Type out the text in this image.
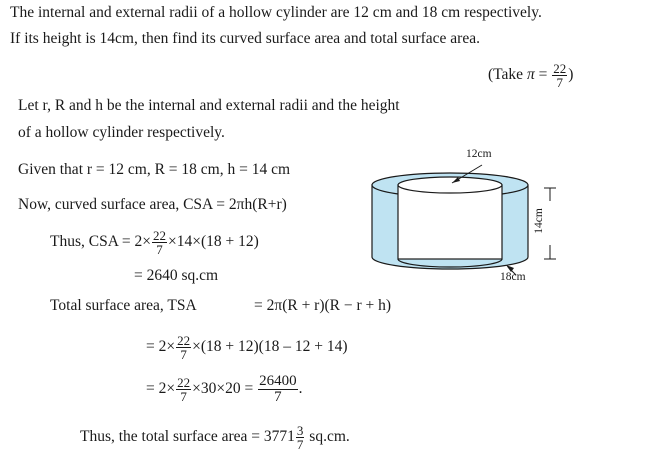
The internal and external radii of a hollow cylinder are 12 cm and 18 cm respectively.
If its height is 14cm, then find its curved surface area and total surface area.
(Take $\pi = \frac{22}{7}$ )
Let r, R and h be the internal and external radii and the height
of a hollow cylinder respectively.
Given that r = 12 cm, R = 18 cm, h = 14 cm
Now, curved surface area, CSA = 2πh(R+r)
Thus, CSA = $2\times \frac{22}{7} \times 14\times(18 + 12)$
= 2640 sq.cm
Total surface area, TSA	= 2π(R + r)(R − r + h)
= $2\times \frac{22}{7} \times(18 + 12)(18 - 12 + 14)$
= $2\times \frac{22}{7} \times 30\times 20 = \frac{26400}{7}$ .
Thus, the total surface area = $3771 \frac{3}{7} sq.cm$.
12cm
18cm
14cm
